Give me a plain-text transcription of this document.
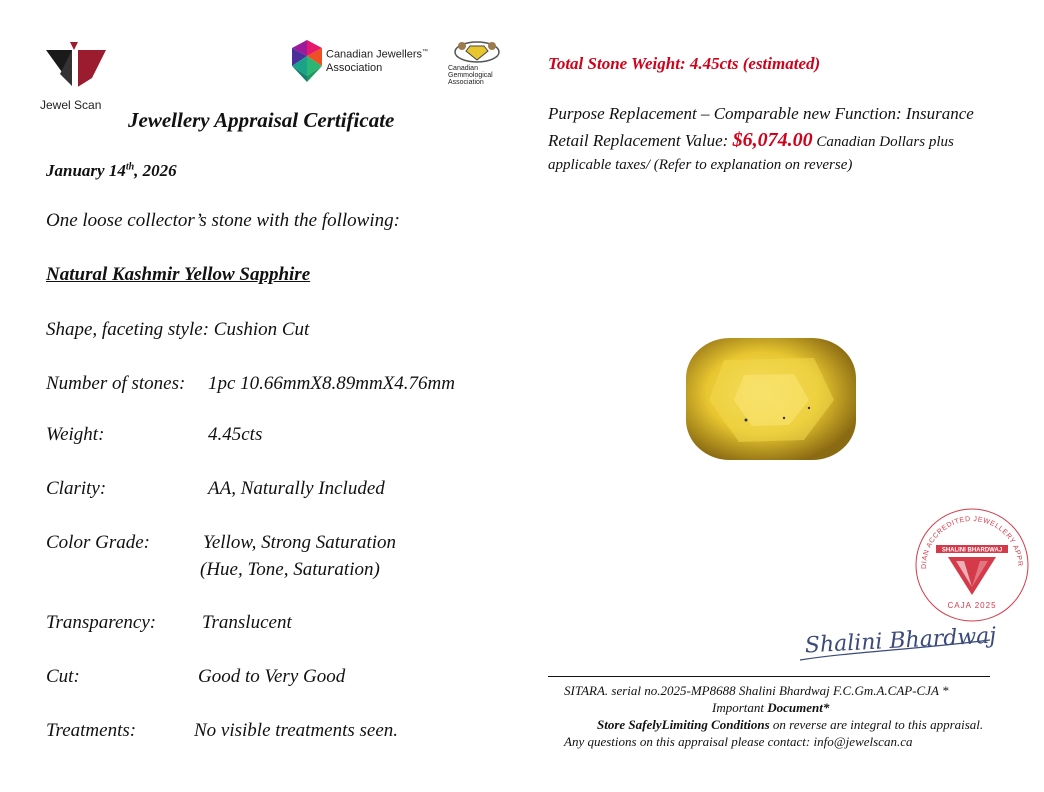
Jewel Scan
Canadian Jewellers™
Association	Canadian
Gemmological
Association
Jewellery Appraisal Certificate
January 14th, 2026
One loose collector’s stone with the following:
Natural Kashmir Yellow Sapphire
Shape, faceting style: Cushion Cut
Number of stones: 1pc 10.66mmX8.89mmX4.76mm
Weight:	4.45cts
Clarity:	AA, Naturally Included
Color Grade:	Yellow, Strong Saturation
(Hue, Tone, Saturation)
Transparency: Translucent
Cut:	Good to Very Good
Treatments:	No visible treatments seen.
Total Stone Weight: 4.45cts (estimated)
Purpose Replacement – Comparable new Function: Insurance
Retail Replacement Value: $6,074.00 Canadian Dollars plus
applicable taxes/ (Refer to explanation on reverse)
DIAN ACCREDITED JEWELLERY APPR
SHALINI BHARDWAJ
CAJA 2025
Shalini Bhardwaj
SITARA. serial no.2025-MP8688 Shalini Bhardwaj F.C.Gm.A.CAP-CJA *
Important Document*
Store SafelyLimiting Conditions on reverse are integral to this appraisal.
Any questions on this appraisal please contact: info@jewelscan.ca
